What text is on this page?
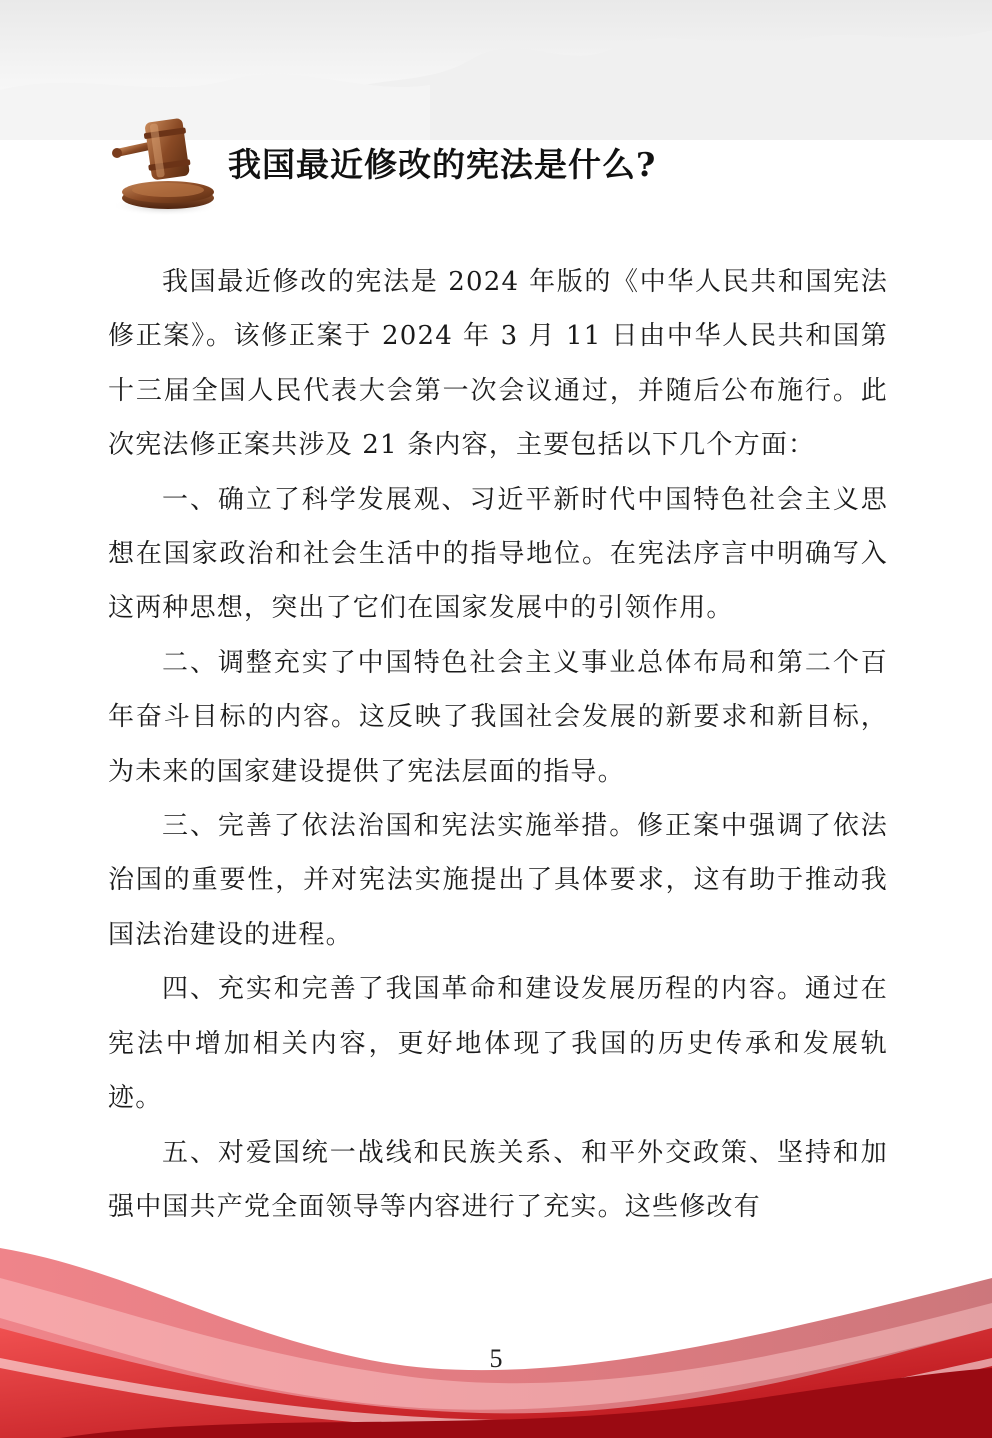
我国最近修改的宪法是什么?

我国最近修改的宪法是 2024 年版的《中华人民共和国宪法修正案》。该修正案于 2024 年 3 月 11 日由中华人民共和国第十三届全国人民代表大会第一次会议通过，并随后公布施行。此次宪法修正案共涉及 21 条内容，主要包括以下几个方面：

一、确立了科学发展观、习近平新时代中国特色社会主义思想在国家政治和社会生活中的指导地位。在宪法序言中明确写入这两种思想，突出了它们在国家发展中的引领作用。

二、调整充实了中国特色社会主义事业总体布局和第二个百年奋斗目标的内容。这反映了我国社会发展的新要求和新目标，为未来的国家建设提供了宪法层面的指导。

三、完善了依法治国和宪法实施举措。修正案中强调了依法治国的重要性，并对宪法实施提出了具体要求，这有助于推动我国法治建设的进程。

四、充实和完善了我国革命和建设发展历程的内容。通过在宪法中增加相关内容，更好地体现了我国的历史传承和发展轨迹。

五、对爱国统一战线和民族关系、和平外交政策、坚持和加强中国共产党全面领导等内容进行了充实。这些修改有

5
